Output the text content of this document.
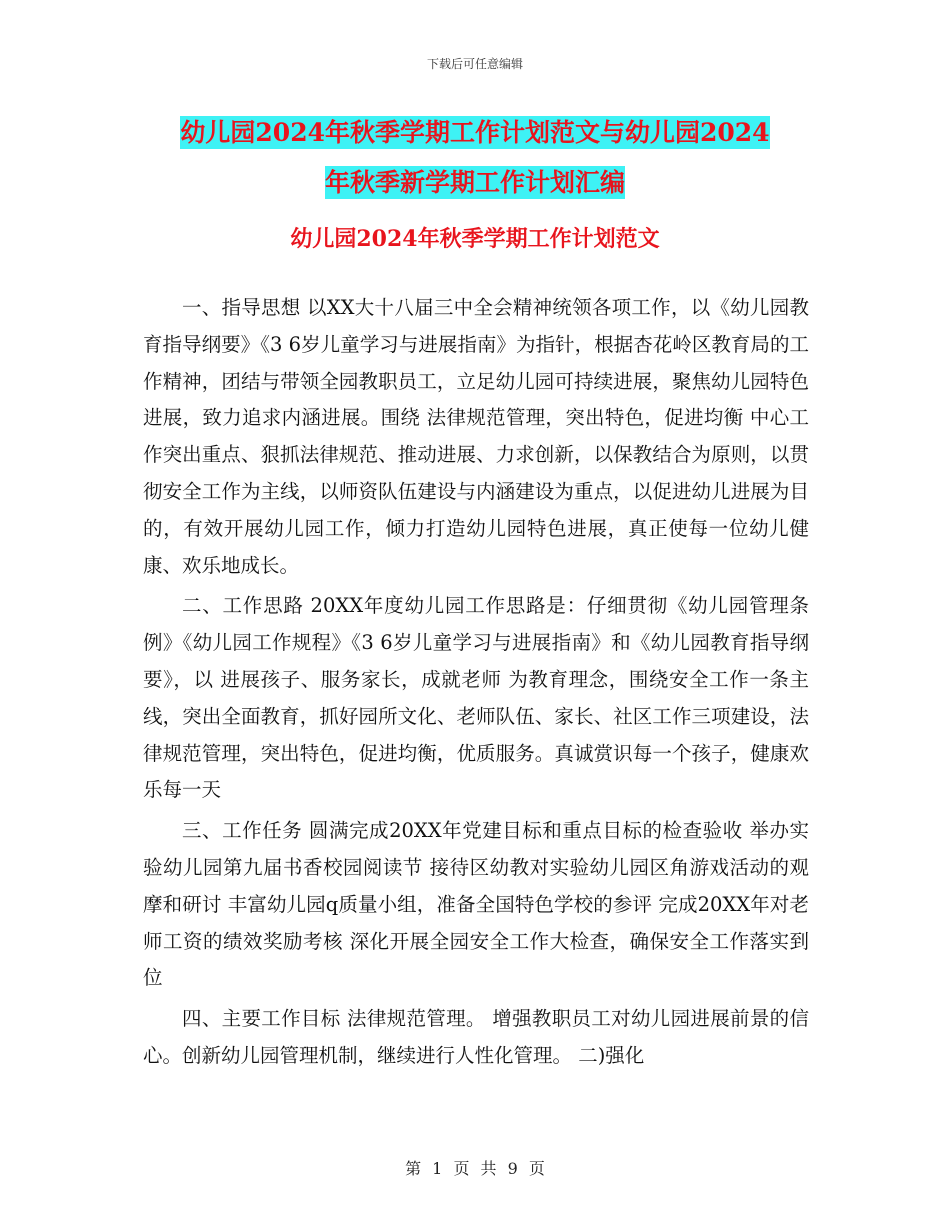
下载后可任意编辑
幼儿园2024年秋季学期工作计划范文与幼儿园2024
年秋季新学期工作计划汇编
幼儿园2024年秋季学期工作计划范文

一、指导思想 以XX大十八届三中全会精神统领各项工作，以《幼儿园教育指导纲要》《3 6岁儿童学习与进展指南》为指针，根据杏花岭区教育局的工作精神，团结与带领全园教职员工，立足幼儿园可持续进展，聚焦幼儿园特色进展，致力追求内涵进展。围绕 法律规范管理，突出特色，促进均衡 中心工作突出重点、狠抓法律规范、推动进展、力求创新，以保教结合为原则，以贯彻安全工作为主线，以师资队伍建设与内涵建设为重点，以促进幼儿进展为目的，有效开展幼儿园工作，倾力打造幼儿园特色进展，真正使每一位幼儿健康、欢乐地成长。

二、工作思路 20XX年度幼儿园工作思路是：仔细贯彻《幼儿园管理条例》《幼儿园工作规程》《3 6岁儿童学习与进展指南》和《幼儿园教育指导纲要》，以 进展孩子、服务家长，成就老师 为教育理念，围绕安全工作一条主线，突出全面教育，抓好园所文化、老师队伍、家长、社区工作三项建设，法律规范管理，突出特色，促进均衡，优质服务。真诚赏识每一个孩子，健康欢乐每一天

三、工作任务 圆满完成20XX年党建目标和重点目标的检查验收 举办实验幼儿园第九届书香校园阅读节 接待区幼教对实验幼儿园区角游戏活动的观摩和研讨 丰富幼儿园q质量小组，准备全国特色学校的参评 完成20XX年对老师工资的绩效奖励考核 深化开展全园安全工作大检查，确保安全工作落实到位

四、主要工作目标 法律规范管理。 增强教职员工对幼儿园进展前景的信心。创新幼儿园管理机制，继续进行人性化管理。 二)强化

第 1 页 共 9 页
